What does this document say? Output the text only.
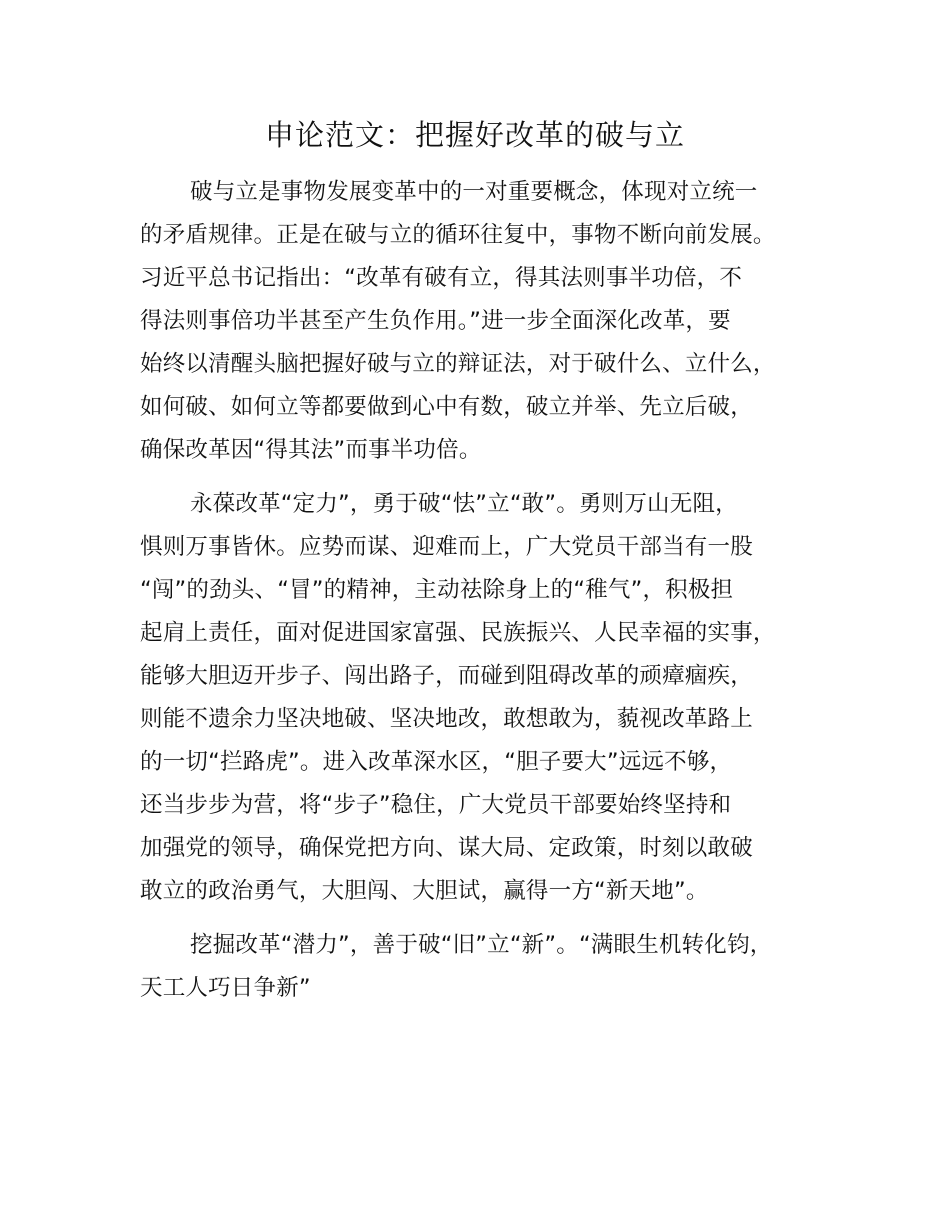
申论范文：把握好改革的破与立
破与立是事物发展变革中的一对重要概念，体现对立统一
的矛盾规律。正是在破与立的循环往复中，事物不断向前发展。
习近平总书记指出：“改革有破有立，得其法则事半功倍，不
得法则事倍功半甚至产生负作用。”进一步全面深化改革，要
始终以清醒头脑把握好破与立的辩证法，对于破什么、立什么，
如何破、如何立等都要做到心中有数，破立并举、先立后破，
确保改革因“得其法”而事半功倍。
永葆改革“定力”，勇于破“怯”立“敢”。勇则万山无阻，
惧则万事皆休。应势而谋、迎难而上，广大党员干部当有一股
“闯”的劲头、“冒”的精神，主动祛除身上的“稚气”，积极担
起肩上责任，面对促进国家富强、民族振兴、人民幸福的实事，
能够大胆迈开步子、闯出路子，而碰到阻碍改革的顽瘴痼疾，
则能不遗余力坚决地破、坚决地改，敢想敢为，藐视改革路上
的一切“拦路虎”。进入改革深水区，“胆子要大”远远不够，
还当步步为营，将“步子”稳住，广大党员干部要始终坚持和
加强党的领导，确保党把方向、谋大局、定政策，时刻以敢破
敢立的政治勇气，大胆闯、大胆试，赢得一方“新天地”。
挖掘改革“潜力”，善于破“旧”立“新”。“满眼生机转化钧，
天工人巧日争新”
